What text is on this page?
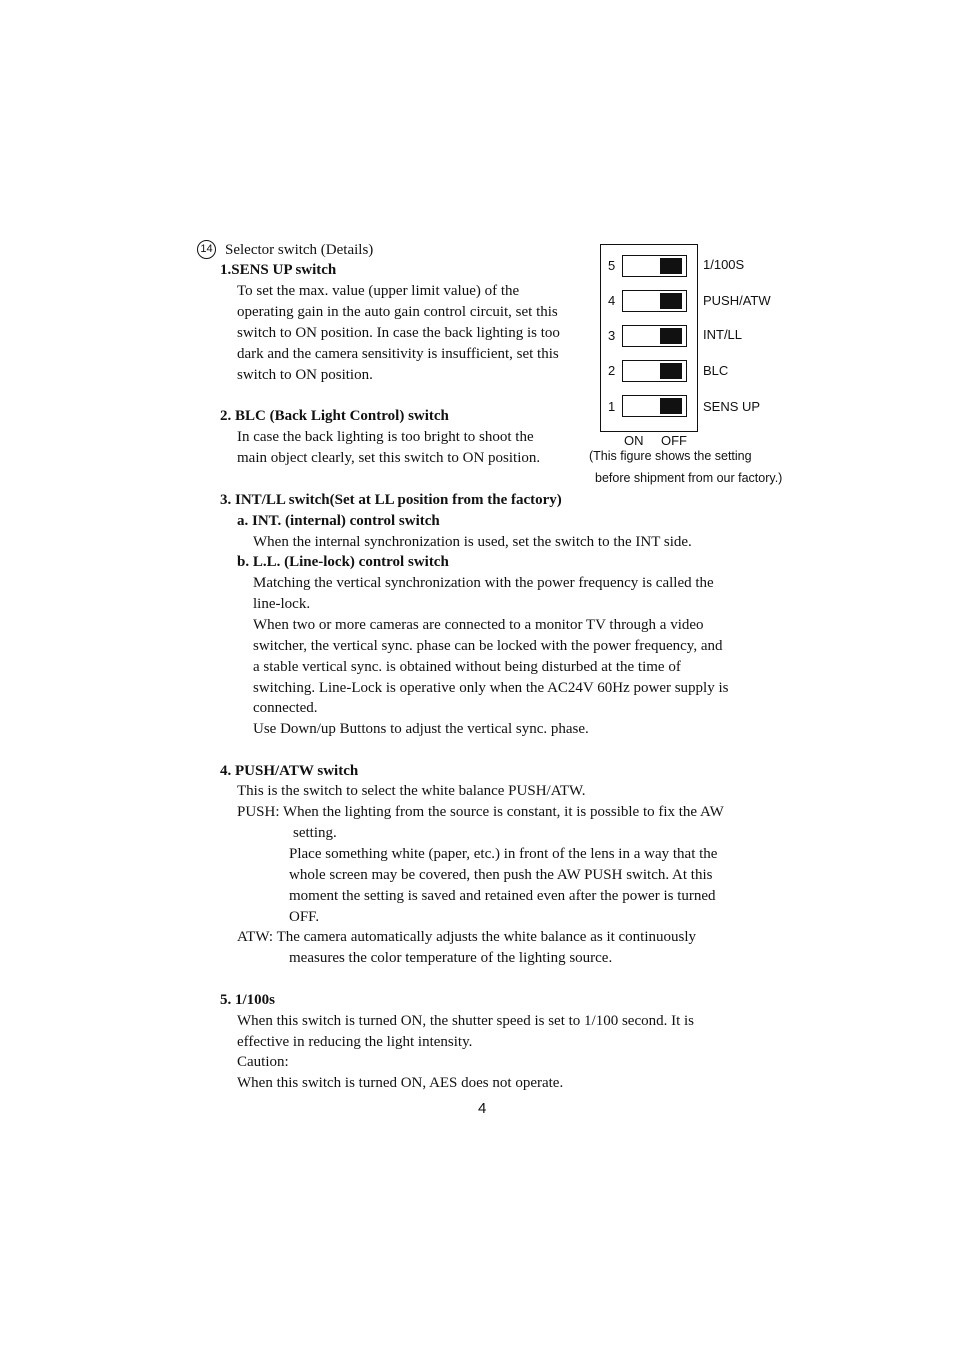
14 Selector switch (Details)
1.SENS UP switch
To set the max. value (upper limit value) of the
operating gain in the auto gain control circuit, set this
switch to ON position. In case the back lighting is too
dark and the camera sensitivity is insufficient, set this
switch to ON position.
2. BLC (Back Light Control) switch
In case the back lighting is too bright to shoot the
main object clearly, set this switch to ON position.
5
4
3
2
1
1/100S
PUSH/ATW
INT/LL
BLC
SENS UP
ON OFF
(This figure shows the setting
before shipment from our factory.)
3. INT/LL switch(Set at LL position from the factory)
a. INT. (internal) control switch
When the internal synchronization is used, set the switch to the INT side.
b. L.L. (Line-lock) control switch
Matching the vertical synchronization with the power frequency is called the
line-lock.
When two or more cameras are connected to a monitor TV through a video
switcher, the vertical sync. phase can be locked with the power frequency, and
a stable vertical sync. is obtained without being disturbed at the time of
switching. Line-Lock is operative only when the AC24V 60Hz power supply is
connected.
Use Down/up Buttons to adjust the vertical sync. phase.
4. PUSH/ATW switch
This is the switch to select the white balance PUSH/ATW.
PUSH: When the lighting from the source is constant, it is possible to fix the AW
setting.
Place something white (paper, etc.) in front of the lens in a way that the
whole screen may be covered, then push the AW PUSH switch. At this
moment the setting is saved and retained even after the power is turned
OFF.
ATW: The camera automatically adjusts the white balance as it continuously
measures the color temperature of the lighting source.
5. 1/100s
When this switch is turned ON, the shutter speed is set to 1/100 second. It is
effective in reducing the light intensity.
Caution:
When this switch is turned ON, AES does not operate.
4
